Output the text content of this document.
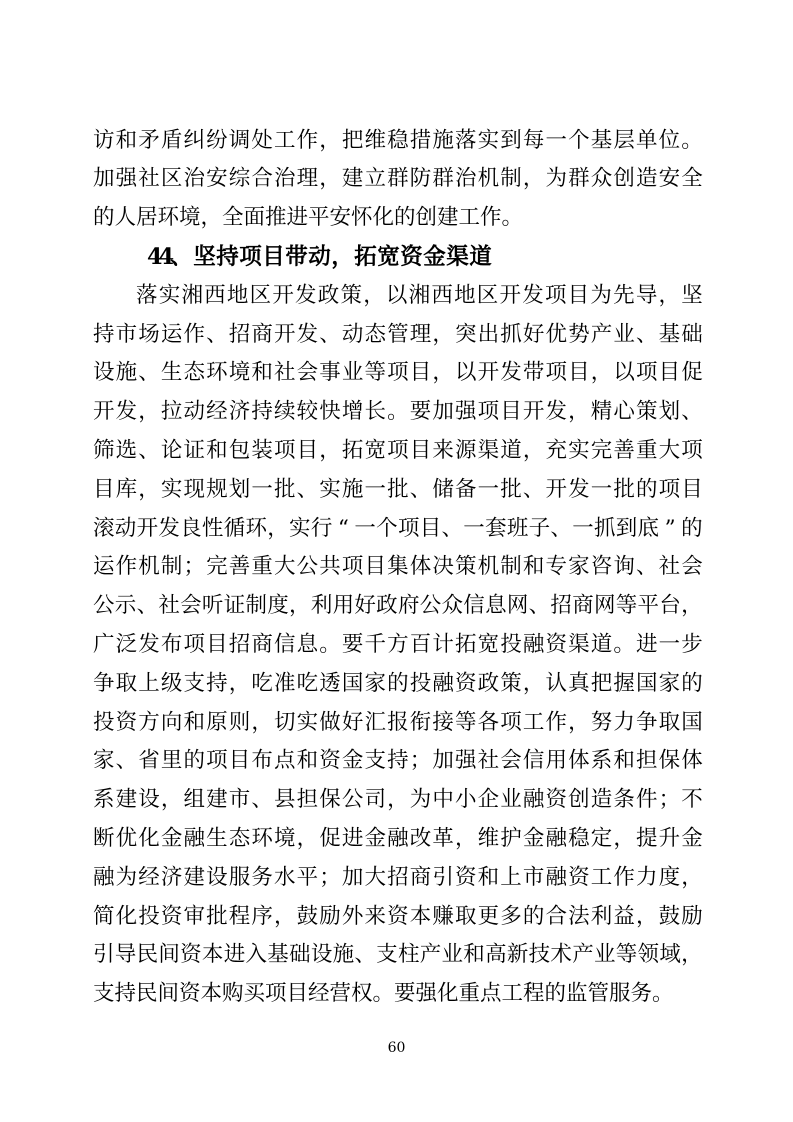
访 和 矛 盾 纠 纷 调 处 工 作 ， 把 维 稳 措 施 落 实 到 每 一 个 基 层 单 位 。
加 强 社 区 治 安 综 合 治 理 ， 建 立 群 防 群 治 机 制 ， 为 群 众 创 造 安 全
的 人 居 环 境 ， 全 面 推 进 平 安 怀 化 的 创 建 工 作 。
4
4
、 坚 持 项 目 带 动 ， 拓 宽 资 金 渠 道
落 实 湘 西 地 区 开 发 政 策 ， 以 湘 西 地 区 开 发 项 目 为 先 导 ， 坚
持 市 场 运 作 、 招 商 开 发 、 动 态 管 理 ， 突 出 抓 好 优 势 产 业 、 基 础
设 施 、 生 态 环 境 和 社 会 事 业 等 项 目 ， 以 开 发 带 项 目 ， 以 项 目 促
开 发 ， 拉 动 经 济 持 续 较 快 增 长 。 要 加 强 项 目 开 发 ， 精 心 策 划 、
筛 选 、 论 证 和 包 装 项 目 ， 拓 宽 项 目 来 源 渠 道 ， 充 实 完 善 重 大 项
目 库 ， 实 现 规 划 一 批 、 实 施 一 批 、 储 备 一 批 、 开 发 一 批 的 项 目
滚 动 开 发 良 性 循 环 ， 实 行 “ 一 个 项 目 、 一 套 班 子 、 一 抓 到 底 ” 的
运 作 机 制 ； 完 善 重 大 公 共 项 目 集 体 决 策 机 制 和 专 家 咨 询 、 社 会
公 示 、 社 会 听 证 制 度 ， 利 用 好 政 府 公 众 信 息 网 、 招 商 网 等 平 台 ，
广 泛 发 布 项 目 招 商 信 息 。 要 千 方 百 计 拓 宽 投 融 资 渠 道 。 进 一 步
争 取 上 级 支 持 ， 吃 准 吃 透 国 家 的 投 融 资 政 策 ， 认 真 把 握 国 家 的
投 资 方 向 和 原 则 ， 切 实 做 好 汇 报 衔 接 等 各 项 工 作 ， 努 力 争 取 国
家 、 省 里 的 项 目 布 点 和 资 金 支 持 ； 加 强 社 会 信 用 体 系 和 担 保 体
系 建 设 ， 组 建 市 、 县 担 保 公 司 ， 为 中 小 企 业 融 资 创 造 条 件 ； 不
断 优 化 金 融 生 态 环 境 ， 促 进 金 融 改 革 ， 维 护 金 融 稳 定 ， 提 升 金
融 为 经 济 建 设 服 务 水 平 ； 加 大 招 商 引 资 和 上 市 融 资 工 作 力 度 ，
简 化 投 资 审 批 程 序 ， 鼓 励 外 来 资 本 赚 取 更 多 的 合 法 利 益 ， 鼓 励
引 导 民 间 资 本 进 入 基 础 设 施 、 支 柱 产 业 和 高 新 技 术 产 业 等 领 域 ，
支 持 民 间 资 本 购 买 项 目 经 营 权 。 要 强 化 重 点 工 程 的 监 管 服 务 。
60
